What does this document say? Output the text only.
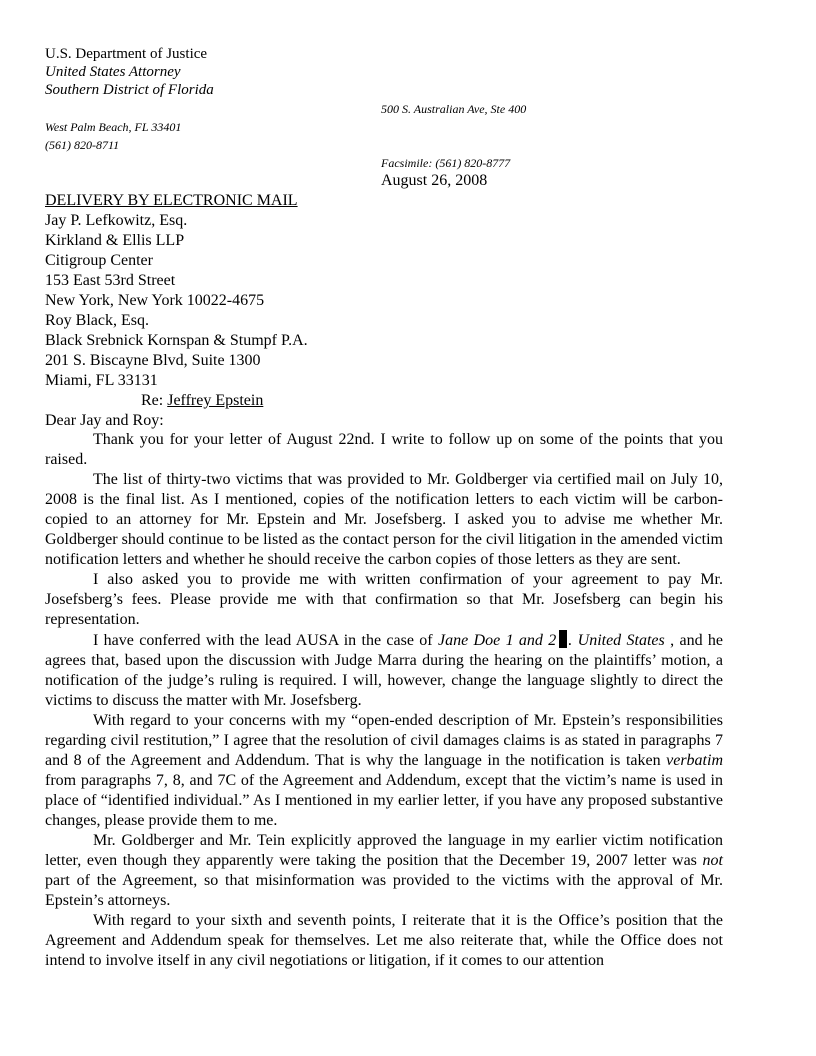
U.S. Department of Justice
United States Attorney
Southern District of Florida
500 S. Australian Ave, Ste 400
West Palm Beach, FL 33401
(561) 820-8711
Facsimile: (561) 820-8777
August 26, 2008
DELIVERY BY ELECTRONIC MAIL
Jay P. Lefkowitz, Esq.
Kirkland & Ellis LLP
Citigroup Center
153 East 53rd Street
New York, New York 10022-4675
Roy Black, Esq.
Black Srebnick Kornspan & Stumpf P.A.
201 S. Biscayne Blvd, Suite 1300
Miami, FL 33131
Re: Jeffrey Epstein
Dear Jay and Roy:

Thank you for your letter of August 22nd. I write to follow up on some of the points that you raised.

The list of thirty-two victims that was provided to Mr. Goldberger via certified mail on July 10, 2008 is the final list. As I mentioned, copies of the notification letters to each victim will be carbon-copied to an attorney for Mr. Epstein and Mr. Josefsberg. I asked you to advise me whether Mr. Goldberger should continue to be listed as the contact person for the civil litigation in the amended victim notification letters and whether he should receive the carbon copies of those letters as they are sent.

I also asked you to provide me with written confirmation of your agreement to pay Mr. Josefsberg’s fees. Please provide me with that confirmation so that Mr. Josefsberg can begin his representation.

I have conferred with the lead AUSA in the case of Jane Doe 1 and 2 . United States , and he agrees that, based upon the discussion with Judge Marra during the hearing on the plaintiffs’ motion, a notification of the judge’s ruling is required. I will, however, change the language slightly to direct the victims to discuss the matter with Mr. Josefsberg.

With regard to your concerns with my “open-ended description of Mr. Epstein’s responsibilities regarding civil restitution,” I agree that the resolution of civil damages claims is as stated in paragraphs 7 and 8 of the Agreement and Addendum. That is why the language in the notification is taken verbatim from paragraphs 7, 8, and 7C of the Agreement and Addendum, except that the victim’s name is used in place of “identified individual.” As I mentioned in my earlier letter, if you have any proposed substantive changes, please provide them to me.

Mr. Goldberger and Mr. Tein explicitly approved the language in my earlier victim notification letter, even though they apparently were taking the position that the December 19, 2007 letter was not part of the Agreement, so that misinformation was provided to the victims with the approval of Mr. Epstein’s attorneys.

With regard to your sixth and seventh points, I reiterate that it is the Office’s position that the Agreement and Addendum speak for themselves. Let me also reiterate that, while the Office does not intend to involve itself in any civil negotiations or litigation, if it comes to our attention
